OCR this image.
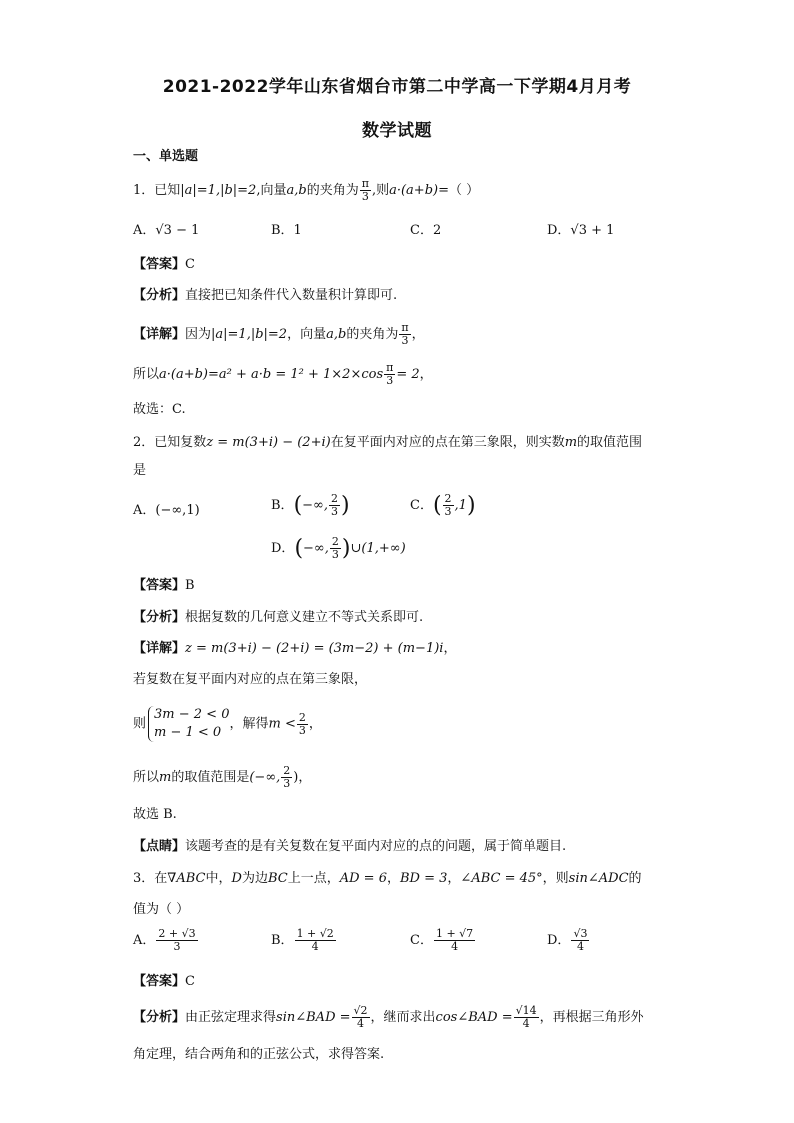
2021-2022学年山东省烟台市第二中学高一下学期4月月考
数学试题
一、单选题
1．已知|a|=1,|b|=2,向量a,b的夹角为 $\frac{\pi}{3}$ ,则a·(a+b)=（ ）
A．√3 − 1	B．1	C．2	D．√3 + 1
【答案】C
【分析】直接把已知条件代入数量积计算即可.
【详解】因为|a|=1,|b|=2，向量a,b的夹角为 $\frac{\pi}{3}$ ，
所以$a\cdot(a+b)=a^2 + a\cdot b = 1^2 + 1\times 2\times\cos \frac{\pi}{3} = 2$，
故选：C.
2．已知复数z = m(3+i) − (2+i)在复平面内对应的点在第三象限，则实数m的取值范围
是
A．(−∞,1)	B．(−∞, $\frac{2}{3}$ )	C．( $\frac{2}{3} ,1$)
D．(−∞, $\frac{2}{3}$ )∪(1,+∞)
【答案】B
【分析】根据复数的几何意义建立不等式关系即可.
【详解】z = m(3+i) − (2+i) = (3m−2) + (m−1)i，
若复数在复平面内对应的点在第三象限，
则
3m − 2 < 0
m − 1 < 0
，解得$m < \frac{2}{3}$ ，
所以m的取值范围是(−∞, $\frac{2}{3}$ )，
故选 B.
【点睛】该题考查的是有关复数在复平面内对应的点的问题，属于简单题目.
3．在∇ABC中，D为边BC上一点，AD = 6，BD = 3，∠ABC = 45°，则sin∠ADC的
值为（ ）
A． $\frac{2 + √3}{3}$	B． $\frac{1 + √2}{4}$	C． $\frac{1 + √7}{4}$	D． $\frac{√3}{4}$
【答案】C
【分析】由正弦定理求得sin∠BAD = $\frac{√2}{4}$ ，继而求出cos∠BAD = $\frac{√14}{4}$ ，再根据三角形外
角定理，结合两角和的正弦公式，求得答案.
